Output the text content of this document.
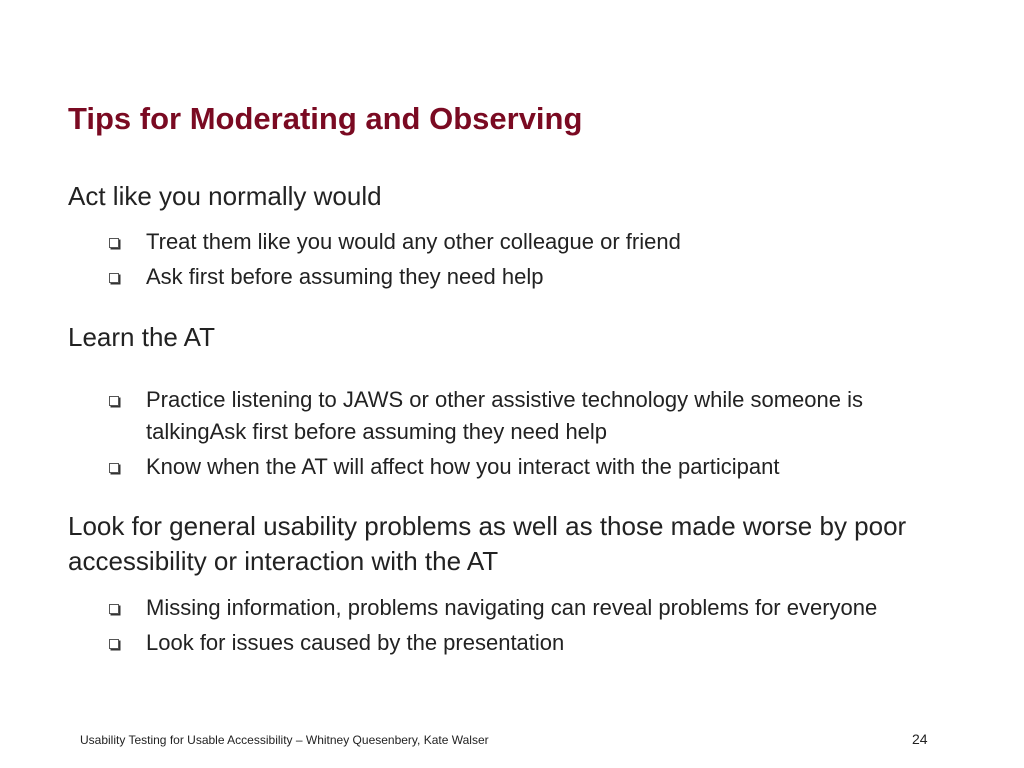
Tips for Moderating and Observing

Act like you normally would

Treat them like you would any other colleague or friend
Ask first before assuming they need help

Learn the AT

Practice listening to JAWS or other assistive technology while someone is talkingAsk first before assuming they need help
Know when the AT will affect how you interact with the participant

Look for general usability problems as well as those made worse by poor accessibility or interaction with the AT

Missing information, problems navigating can reveal problems for everyone
Look for issues caused by the presentation
Usability Testing for Usable Accessibility – Whitney Quesenbery, Kate Walser	24
